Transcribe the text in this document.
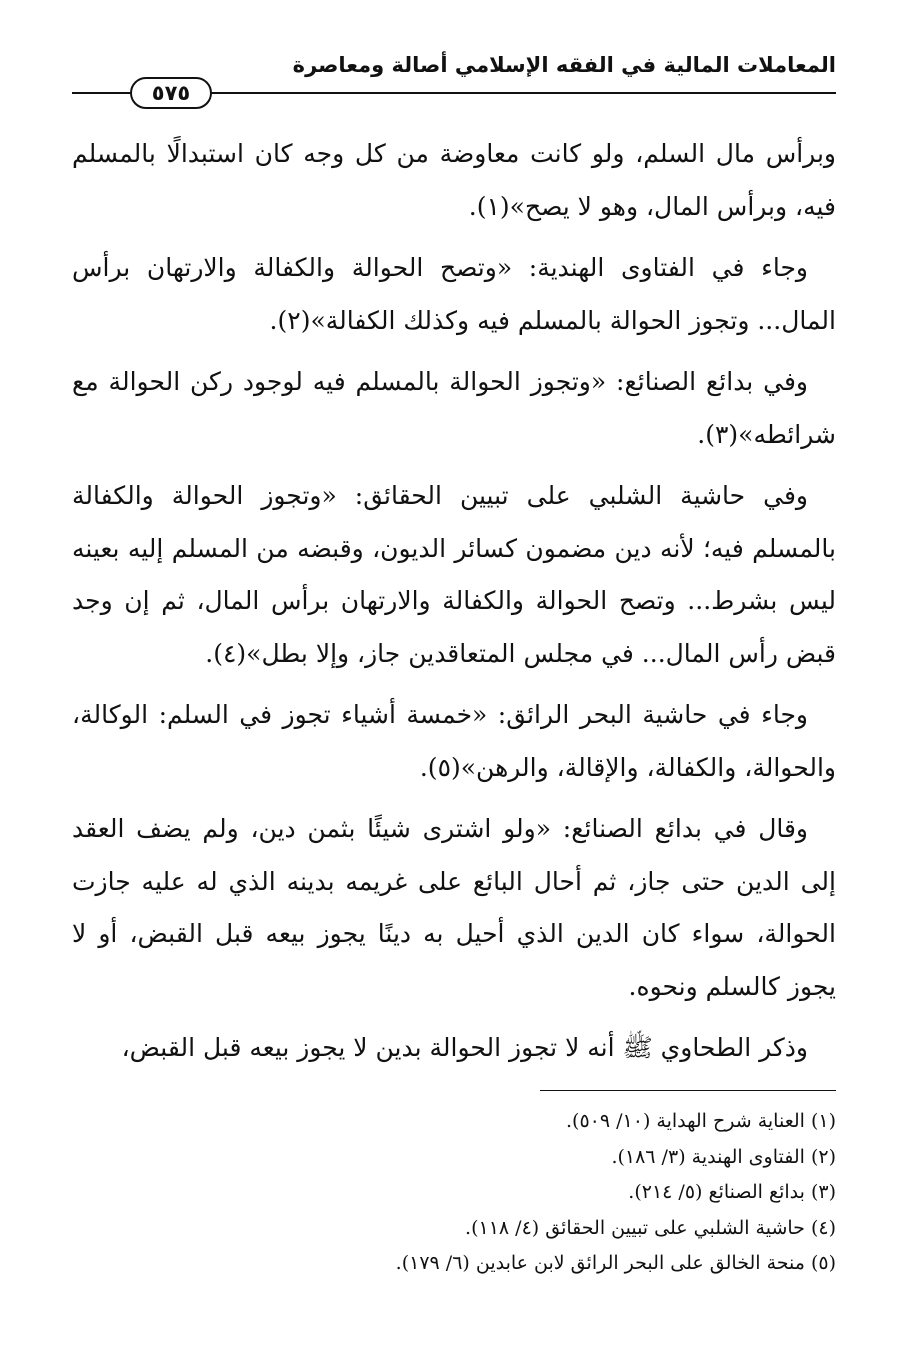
المعاملات المالية في الفقه الإسلامي أصالة ومعاصرة
٥٧٥

وبرأس مال السلم، ولو كانت معاوضة من كل وجه كان استبدالًا بالمسلم فيه، وبرأس المال، وهو لا يصح»(١).

وجاء في الفتاوى الهندية: «وتصح الحوالة والكفالة والارتهان برأس المال... وتجوز الحوالة بالمسلم فيه وكذلك الكفالة»(٢).

وفي بدائع الصنائع: «وتجوز الحوالة بالمسلم فيه لوجود ركن الحوالة مع شرائطه»(٣).

وفي حاشية الشلبي على تبيين الحقائق: «وتجوز الحوالة والكفالة بالمسلم فيه؛ لأنه دين مضمون كسائر الديون، وقبضه من المسلم إليه بعينه ليس بشرط... وتصح الحوالة والكفالة والارتهان برأس المال، ثم إن وجد قبض رأس المال... في مجلس المتعاقدين جاز، وإلا بطل»(٤).

وجاء في حاشية البحر الرائق: «خمسة أشياء تجوز في السلم: الوكالة، والحوالة، والكفالة، والإقالة، والرهن»(٥).

وقال في بدائع الصنائع: «ولو اشترى شيئًا بثمن دين، ولم يضف العقد إلى الدين حتى جاز، ثم أحال البائع على غريمه بدينه الذي له عليه جازت الحوالة، سواء كان الدين الذي أحيل به دينًا يجوز بيعه قبل القبض، أو لا يجوز كالسلم ونحوه.

وذكر الطحاوي ﷺ أنه لا تجوز الحوالة بدين لا يجوز بيعه قبل القبض،

(١)العناية شرح الهداية (١٠/ ٥٠٩).
(٢)الفتاوى الهندية (٣/ ١٨٦).
(٣)بدائع الصنائع (٥/ ٢١٤).
(٤)حاشية الشلبي على تبيين الحقائق (٤/ ١١٨).
(٥)منحة الخالق على البحر الرائق لابن عابدين (٦/ ١٧٩).
